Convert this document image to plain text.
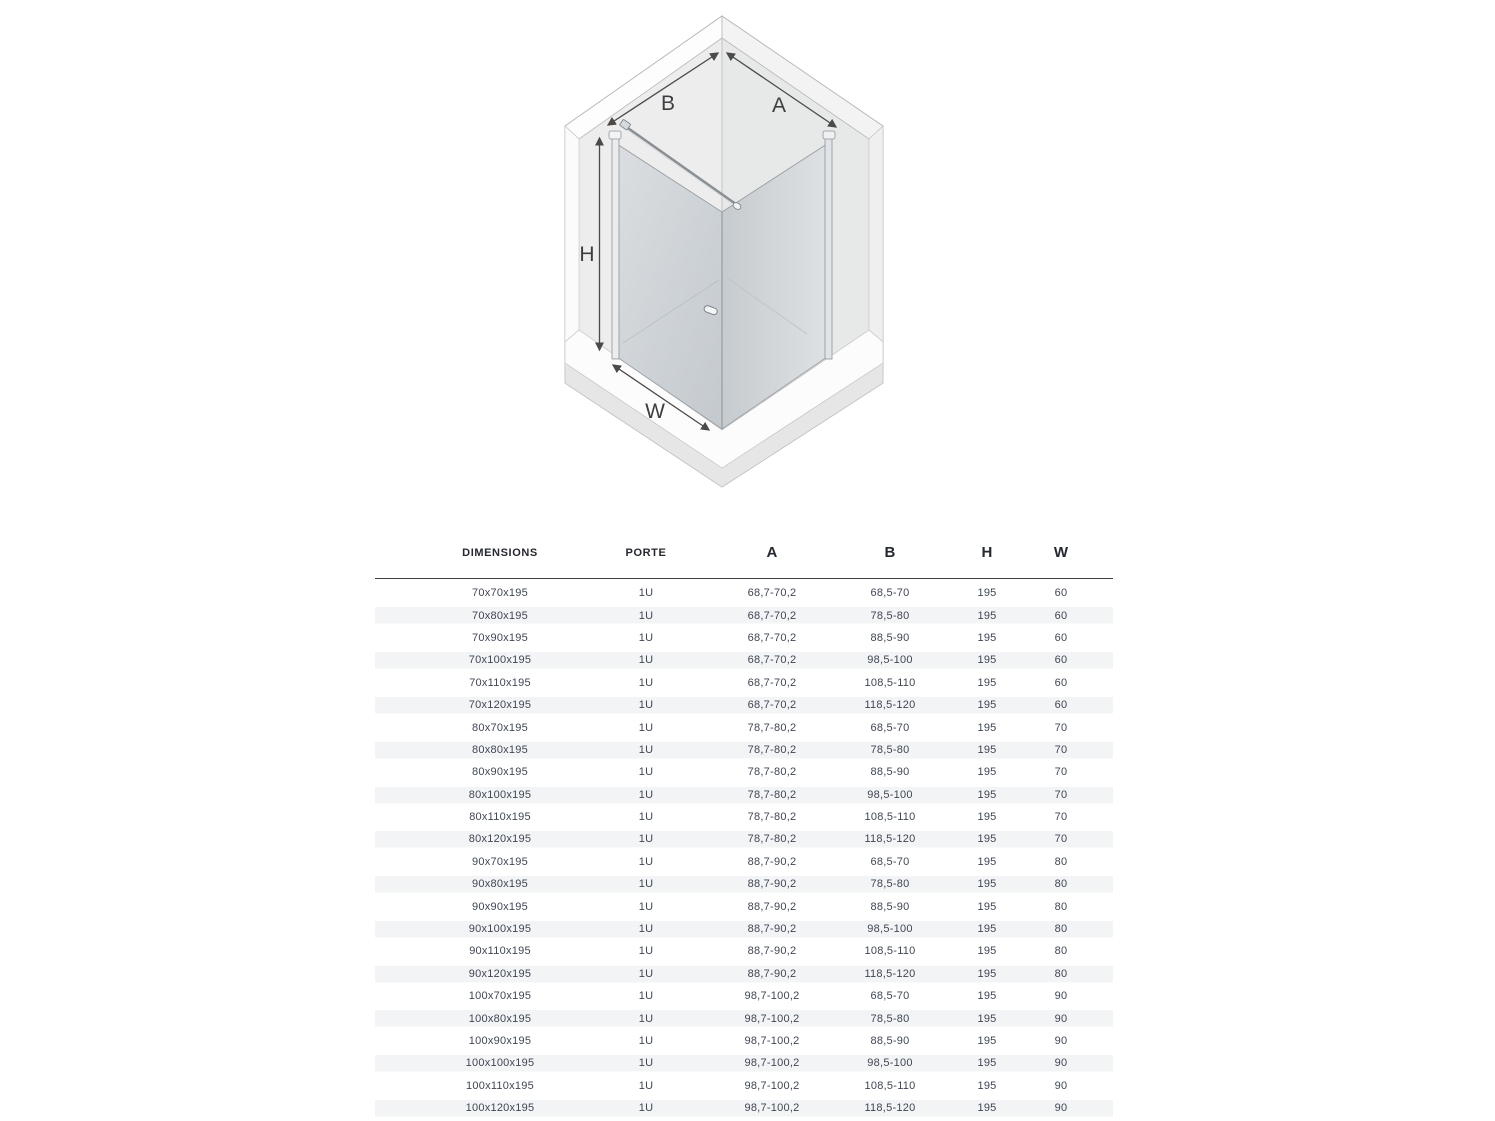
B	A
H
W
DIMENSIONS	PORTE	A	B	H	W
70x70x195	1U	68,7-70,2	68,5-70	195	60
70x80x195	1U	68,7-70,2	78,5-80	195	60
70x90x195	1U	68,7-70,2	88,5-90	195	60
70x100x195	1U	68,7-70,2	98,5-100	195	60
70x110x195	1U	68,7-70,2	108,5-110	195	60
70x120x195	1U	68,7-70,2	118,5-120	195	60
80x70x195	1U	78,7-80,2	68,5-70	195	70
80x80x195	1U	78,7-80,2	78,5-80	195	70
80x90x195	1U	78,7-80,2	88,5-90	195	70
80x100x195	1U	78,7-80,2	98,5-100	195	70
80x110x195	1U	78,7-80,2	108,5-110	195	70
80x120x195	1U	78,7-80,2	118,5-120	195	70
90x70x195	1U	88,7-90,2	68,5-70	195	80
90x80x195	1U	88,7-90,2	78,5-80	195	80
90x90x195	1U	88,7-90,2	88,5-90	195	80
90x100x195	1U	88,7-90,2	98,5-100	195	80
90x110x195	1U	88,7-90,2	108,5-110	195	80
90x120x195	1U	88,7-90,2	118,5-120	195	80
100x70x195	1U	98,7-100,2	68,5-70	195	90
100x80x195	1U	98,7-100,2	78,5-80	195	90
100x90x195	1U	98,7-100,2	88,5-90	195	90
100x100x195	1U	98,7-100,2	98,5-100	195	90
100x110x195	1U	98,7-100,2	108,5-110	195	90
100x120x195	1U	98,7-100,2	118,5-120	195	90
